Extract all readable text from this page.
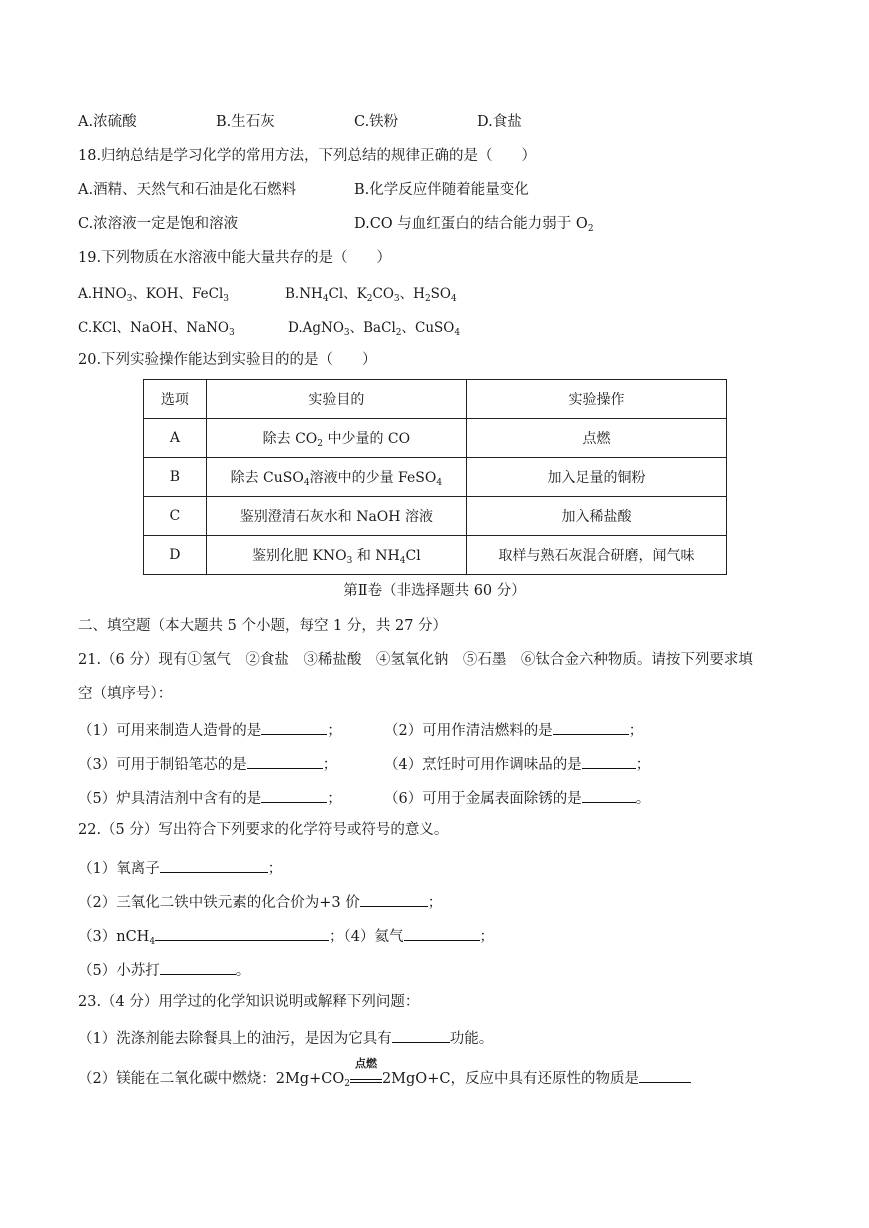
A.浓硫酸	B.生石灰	C.铁粉	D.食盐
18.归纳总结是学习化学的常用方法，下列总结的规律正确的是（　　）
A.酒精、天然气和石油是化石燃料	B.化学反应伴随着能量变化
C.浓溶液一定是饱和溶液	D.CO 与血红蛋白的结合能力弱于 $O_2$
19.下列物质在水溶液中能大量共存的是（　　）
$A.HNO_3$、KOH、FeCl$_3$	$B.NH_4Cl$、$K_2CO_3$、$H_2SO_4$
C.KCl、NaOH、NaNO$_3$	D.AgNO$_3$、BaCl$_2$、CuSO$_4$
20.下列实验操作能达到实验目的的是（　　）
选项	实验目的	实验操作
A	除去 $CO_2$ 中少量的 CO	点燃
B	除去 CuSO$_4$溶液中的少量 FeSO$_4$	加入足量的铜粉
C	鉴别澄清石灰水和 NaOH 溶液	加入稀盐酸
D	鉴别化肥 $KNO_3$ 和 $NH_4Cl$	取样与熟石灰混合研磨，闻气味
第Ⅱ卷（非选择题共 60 分）
二、填空题（本大题共 5 个小题，每空 1 分，共 27 分）
21.（6 分）现有①氢气　②食盐　③稀盐酸　④氢氧化钠　⑤石墨　⑥钛合金六种物质。请按下列要求填
空（填序号）：
（1）可用来制造人造骨的是	；	（2）可用作清洁燃料的是	；
（3）可用于制铅笔芯的是	；	（4）烹饪时可用作调味品的是	；
（5）炉具清洁剂中含有的是	；	（6）可用于金属表面除锈的是	。
22.（5 分）写出符合下列要求的化学符号或符号的意义。
（1）氧离子	；
（2）三氧化二铁中铁元素的化合价为+3 价	；
（3）nCH$_4$	；（4）氦气	；
（5）小苏打	。
23.（4 分）用学过的化学知识说明或解释下列问题：
（1）洗涤剂能去除餐具上的油污，是因为它具有	功能。
（2）镁能在二氧化碳中燃烧：$2Mg+CO_2$
点燃
2MgO+C，反应中具有还原性的物质是
